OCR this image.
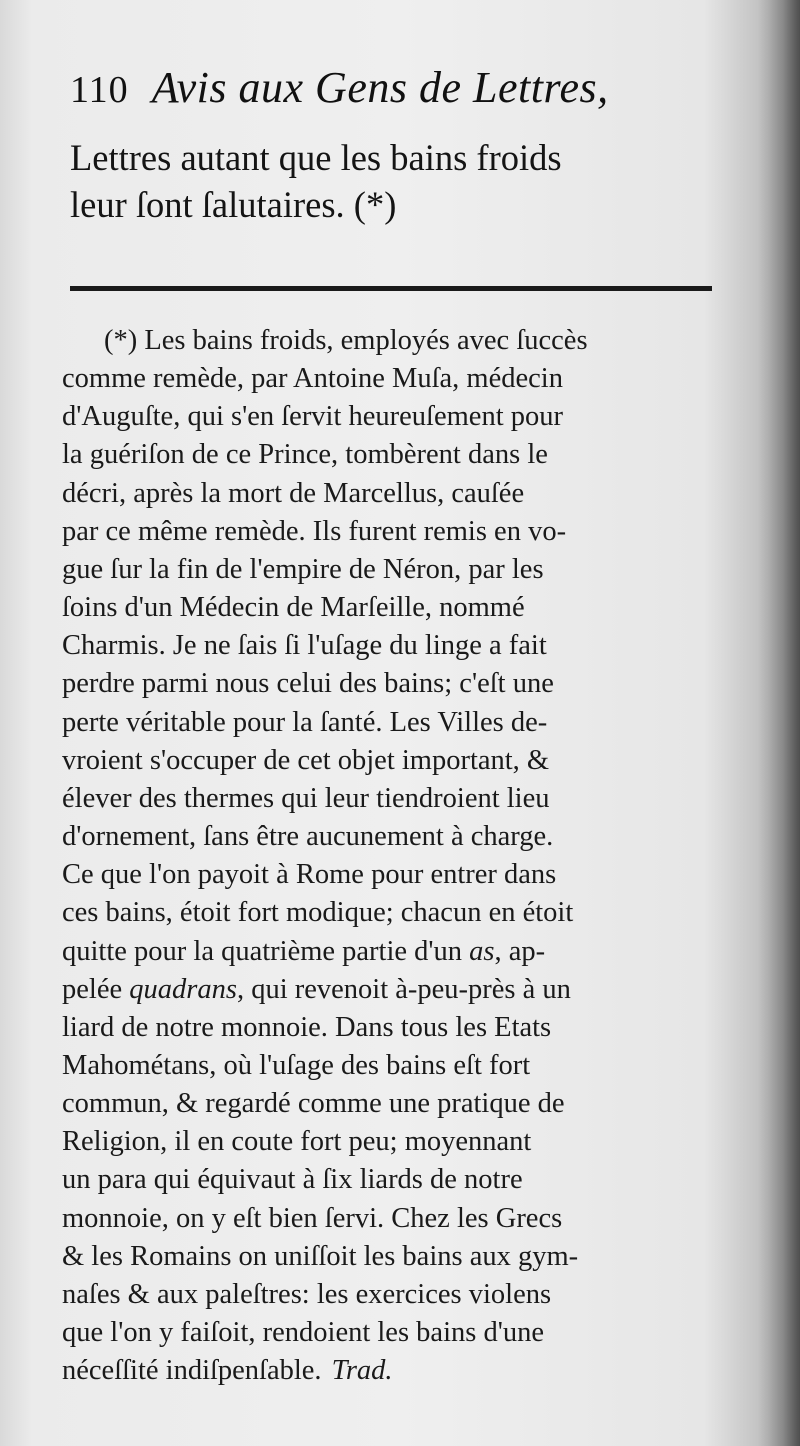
110 Avis aux Gens de Lettres,
Lettres autant que les bains froids
leur ſont ſalutaires. (*)
(*) Les bains froids, employés avec ſuccès
comme remède, par Antoine Muſa, médecin
d'Auguſte, qui s'en ſervit heureuſement pour
la guériſon de ce Prince, tombèrent dans le
décri, après la mort de Marcellus, cauſée
par ce même remède. Ils furent remis en vo-
gue ſur la fin de l'empire de Néron, par les
ſoins d'un Médecin de Marſeille, nommé
Charmis. Je ne ſais ſi l'uſage du linge a fait
perdre parmi nous celui des bains; c'eſt une
perte véritable pour la ſanté. Les Villes de-
vroient s'occuper de cet objet important, &
élever des thermes qui leur tiendroient lieu
d'ornement, ſans être aucunement à charge.
Ce que l'on payoit à Rome pour entrer dans
ces bains, étoit fort modique; chacun en étoit
quitte pour la quatrième partie d'un as, ap-
pelée quadrans, qui revenoit à-peu-près à un
liard de notre monnoie. Dans tous les Etats
Mahométans, où l'uſage des bains eſt fort
commun, & regardé comme une pratique de
Religion, il en coute fort peu; moyennant
un para qui équivaut à ſix liards de notre
monnoie, on y eſt bien ſervi. Chez les Grecs
& les Romains on uniſſoit les bains aux gym-
naſes & aux paleſtres: les exercices violens
que l'on y faiſoit, rendoient les bains d'une
néceſſité indiſpenſable. Trad.
